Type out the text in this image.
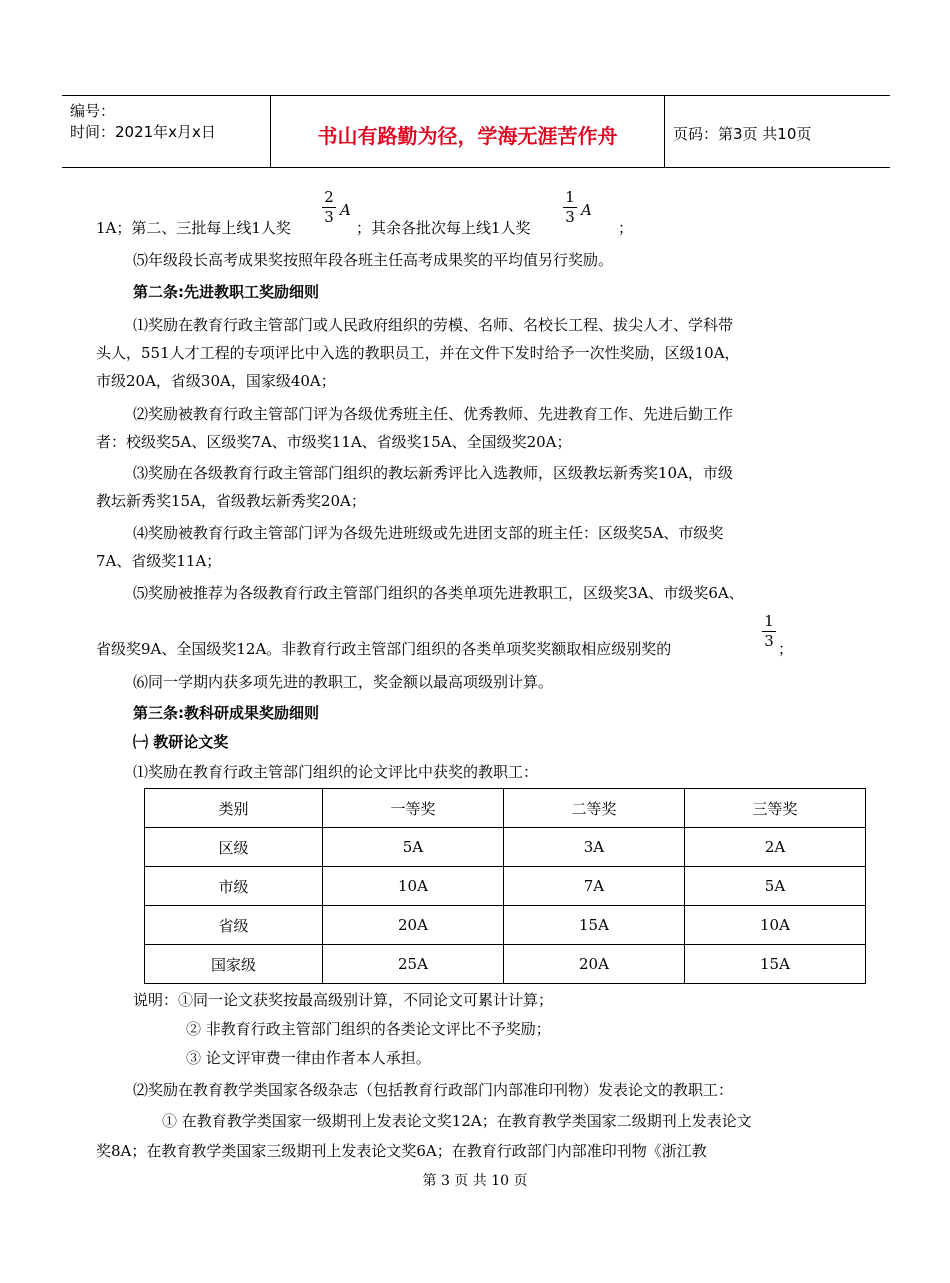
编号：
时间：2021年x月x日	书山有路勤为径，学海无涯苦作舟	页码：第3页 共10页
1A；第二、三批每上线1人奖
2
3 A
；其余各批次每上线1人奖
1
3 A
；
⑸年级段长高考成果奖按照年段各班主任高考成果奖的平均值另行奖励。
第二条:先进教职工奖励细则
⑴奖励在教育行政主管部门或人民政府组织的劳模、名师、名校长工程、拔尖人才、学科带
头人，551人才工程的专项评比中入选的教职员工，并在文件下发时给予一次性奖励，区级10A，
市级20A，省级30A，国家级40A；
⑵奖励被教育行政主管部门评为各级优秀班主任、优秀教师、先进教育工作、先进后勤工作
者：校级奖5A、区级奖7A、市级奖11A、省级奖15A、全国级奖20A；
⑶奖励在各级教育行政主管部门组织的教坛新秀评比入选教师，区级教坛新秀奖10A，市级
教坛新秀奖15A，省级教坛新秀奖20A；
⑷奖励被教育行政主管部门评为各级先进班级或先进团支部的班主任：区级奖5A、市级奖
7A、省级奖11A；
⑸奖励被推荐为各级教育行政主管部门组织的各类单项先进教职工，区级奖3A、市级奖6A、
省级奖9A、全国级奖12A。非教育行政主管部门组织的各类单项奖奖额取相应级别奖的
1
3 ；
⑹同一学期内获多项先进的教职工，奖金额以最高项级别计算。
第三条:教科研成果奖励细则
㈠ 教研论文奖
⑴奖励在教育行政主管部门组织的论文评比中获奖的教职工：
类别	一等奖	二等奖	三等奖
区级	5A	3A	2A
市级	10A	7A	5A
省级	20A	15A	10A
国家级	25A	20A	15A
说明：①同一论文获奖按最高级别计算，不同论文可累计计算；
② 非教育行政主管部门组织的各类论文评比不予奖励；
③ 论文评审费一律由作者本人承担。
⑵奖励在教育教学类国家各级杂志（包括教育行政部门内部准印刊物）发表论文的教职工：
① 在教育教学类国家一级期刊上发表论文奖12A；在教育教学类国家二级期刊上发表论文
奖8A；在教育教学类国家三级期刊上发表论文奖6A；在教育行政部门内部准印刊物《浙江教
第 3 页 共 10 页
